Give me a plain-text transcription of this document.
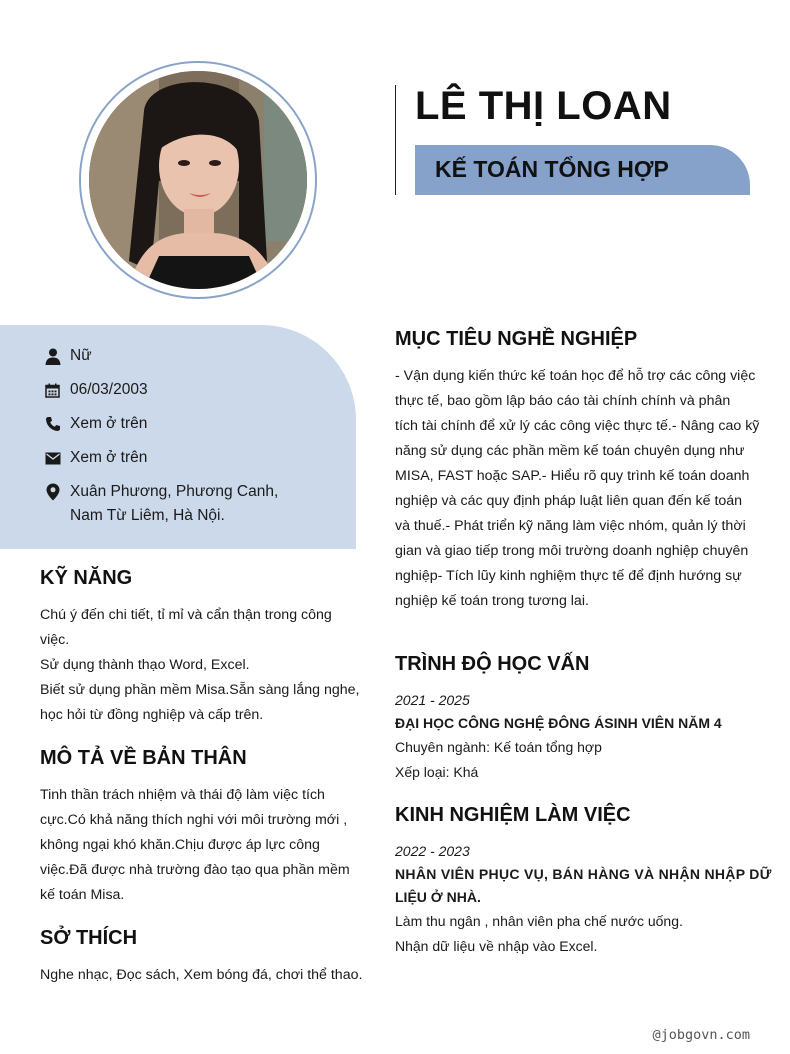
LÊ THỊ LOAN
KẾ TOÁN TỔNG HỢP
Nữ
06/03/2003
Xem ở trên
Xem ở trên
Xuân Phương, Phương Canh,
Nam Từ Liêm, Hà Nội.
KỸ NĂNG
Chú ý đến chi tiết, tỉ mỉ và cẩn thận trong công
việc.
Sử dụng thành thạo Word, Excel.
Biết sử dụng phần mềm Misa.Sẵn sàng lắng nghe,
học hỏi từ đồng nghiệp và cấp trên.
MÔ TẢ VỀ BẢN THÂN
Tinh thần trách nhiệm và thái độ làm việc tích
cực.Có khả năng thích nghi với môi trường mới ,
không ngại khó khăn.Chịu được áp lực công
việc.Đã được nhà trường đào tạo qua phần mềm
kế toán Misa.
SỞ THÍCH
Nghe nhạc, Đọc sách, Xem bóng đá, chơi thể thao.
MỤC TIÊU NGHỀ NGHIỆP
- Vận dụng kiến thức kế toán học để hỗ trợ các công việc
thực tế, bao gồm lập báo cáo tài chính chính và phân
tích tài chính để xử lý các công việc thực tế.- Nâng cao kỹ
năng sử dụng các phần mềm kế toán chuyên dụng như
MISA, FAST hoặc SAP.- Hiểu rõ quy trình kế toán doanh
nghiệp và các quy định pháp luật liên quan đến kế toán
và thuế.- Phát triển kỹ năng làm việc nhóm, quản lý thời
gian và giao tiếp trong môi trường doanh nghiệp chuyên
nghiệp- Tích lũy kinh nghiệm thực tế để định hướng sự
nghiệp kế toán trong tương lai.
TRÌNH ĐỘ HỌC VẤN
2021 - 2025
ĐẠI HỌC CÔNG NGHỆ ĐÔNG ÁSINH VIÊN NĂM 4
Chuyên ngành: Kế toán tổng hợp
Xếp loại: Khá
KINH NGHIỆM LÀM VIỆC
2022 - 2023
NHÂN VIÊN PHỤC VỤ, BÁN HÀNG VÀ NHẬN NHẬP DỮ
LIỆU Ở NHÀ.
Làm thu ngân , nhân viên pha chế nước uống.
Nhận dữ liệu về nhập vào Excel.
@jobgovn.com
